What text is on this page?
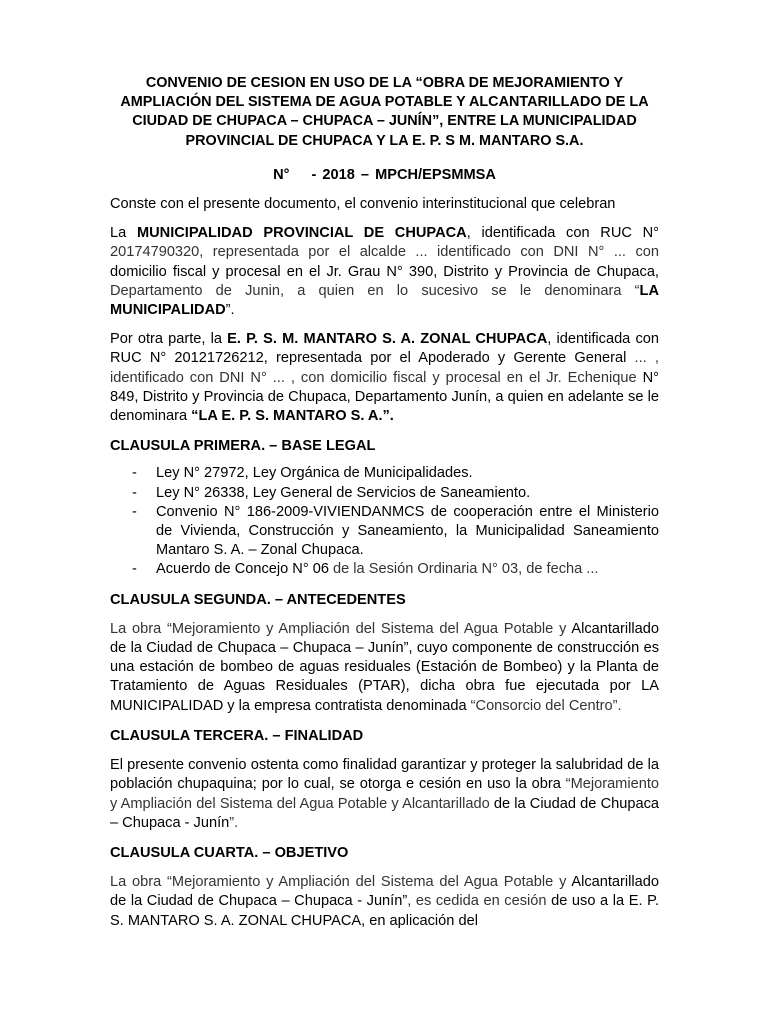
CONVENIO DE CESION EN USO DE LA “OBRA DE MEJORAMIENTO Y AMPLIACIÓN DEL SISTEMA DE AGUA POTABLE Y ALCANTARILLADO DE LA CIUDAD DE CHUPACA – CHUPACA – JUNÍN”, ENTRE LA MUNICIPALIDAD PROVINCIAL DE CHUPACA Y LA E. P. S M. MANTARO S.A.

N° - 2018 – MPCH/EPSMMSA

Conste con el presente documento, el convenio interinstitucional que celebran

La MUNICIPALIDAD PROVINCIAL DE CHUPACA, identificada con RUC N° 20174790320, representada por el alcalde ... identificado con DNI N° ... con domicilio fiscal y procesal en el Jr. Grau N° 390, Distrito y Provincia de Chupaca, Departamento de Junin, a quien en lo sucesivo se le denominara “LA MUNICIPALIDAD”.

Por otra parte, la E. P. S. M. MANTARO S. A. ZONAL CHUPACA, identificada con RUC N° 20121726212, representada por el Apoderado y Gerente General ... , identificado con DNI N° ... , con domicilio fiscal y procesal en el Jr. Echenique N° 849, Distrito y Provincia de Chupaca, Departamento Junín, a quien en adelante se le denominara “LA E. P. S. MANTARO S. A.”.

CLAUSULA PRIMERA. – BASE LEGAL

- Ley N° 27972, Ley Orgánica de Municipalidades.
- Ley N° 26338, Ley General de Servicios de Saneamiento.
- Convenio N° 186-2009-VIVIENDANMCS de cooperación entre el Ministerio de Vivienda, Construcción y Saneamiento, la Municipalidad Saneamiento Mantaro S. A. – Zonal Chupaca.
- Acuerdo de Concejo N° 06 de la Sesión Ordinaria N° 03, de fecha ...

CLAUSULA SEGUNDA. – ANTECEDENTES

La obra “Mejoramiento y Ampliación del Sistema del Agua Potable y Alcantarillado de la Ciudad de Chupaca – Chupaca – Junín”, cuyo componente de construcción es una estación de bombeo de aguas residuales (Estación de Bombeo) y la Planta de Tratamiento de Aguas Residuales (PTAR), dicha obra fue ejecutada por LA MUNICIPALIDAD y la empresa contratista denominada “Consorcio del Centro”.

CLAUSULA TERCERA. – FINALIDAD

El presente convenio ostenta como finalidad garantizar y proteger la salubridad de la población chupaquina; por lo cual, se otorga e cesión en uso la obra “Mejoramiento y Ampliación del Sistema del Agua Potable y Alcantarillado de la Ciudad de Chupaca – Chupaca - Junín”.

CLAUSULA CUARTA. – OBJETIVO

La obra “Mejoramiento y Ampliación del Sistema del Agua Potable y Alcantarillado de la Ciudad de Chupaca – Chupaca - Junín”, es cedida en cesión de uso a la E. P. S. MANTARO S. A. ZONAL CHUPACA, en aplicación del
